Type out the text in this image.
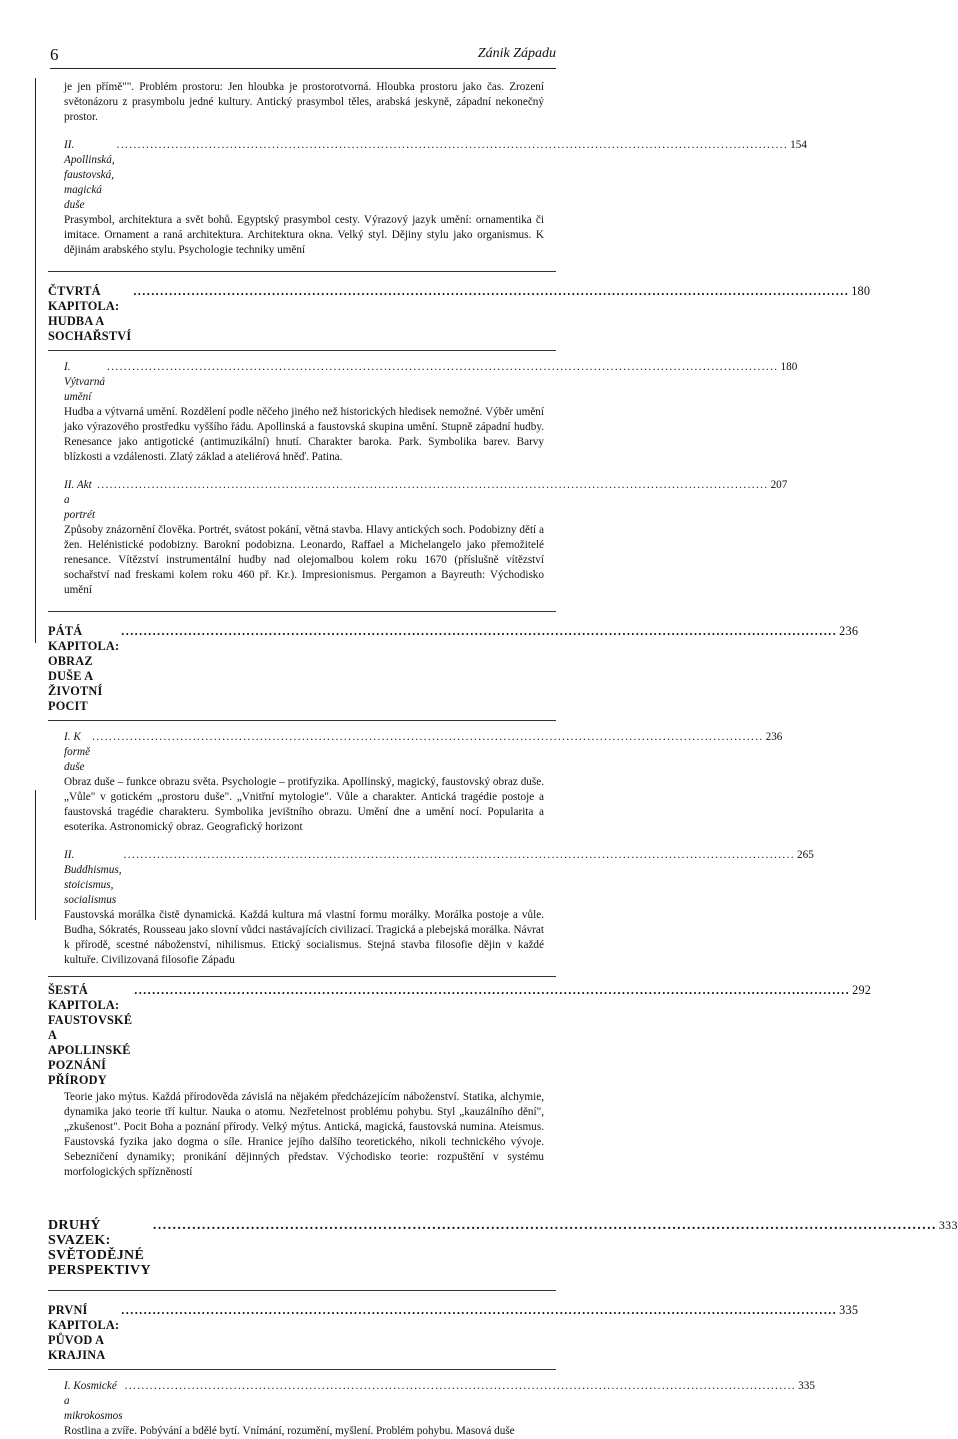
6	Zánik Západu
je jen přímě"". Problém prostoru: Jen hloubka je prostorotvorná. Hloubka prostoru jako čas. Zrození světonázoru z prasymbolu jedné kultury. Antický prasymbol těles, arabská jeskyně, západní nekonečný prostor.
II. Apollinská, faustovská, magická duše
................................................................................................................................................................ 154
Prasymbol, architektura a svět bohů. Egyptský prasymbol cesty. Výrazový jazyk umění: ornamentika či imitace. Ornament a raná architektura. Architektura okna. Velký styl. Dějiny stylu jako organismus. K dějinám arabského stylu. Psychologie techniky umění
ČTVRTÁ KAPITOLA: HUDBA A SOCHAŘSTVÍ
................................................................................................................................................................ 180
I. Výtvarná umění
................................................................................................................................................................ 180
Hudba a výtvarná umění. Rozdělení podle něčeho jiného než historických hledisek nemožné. Výběr umění jako výrazového prostředku vyššího řádu. Apollinská a faustovská skupina umění. Stupně západní hudby. Renesance jako antigotické (antimuzikální) hnutí. Charakter baroka. Park. Symbolika barev. Barvy blízkosti a vzdálenosti. Zlatý základ a ateliérová hněď. Patina.
II. Akt a portrét
................................................................................................................................................................ 207
Způsoby znázornění člověka. Portrét, svátost pokání, větná stavba. Hlavy antických soch. Podobizny dětí a žen. Helénistické podobizny. Barokní podobizna. Leonardo, Raffael a Michelangelo jako přemožitelé renesance. Vítězství instrumentální hudby nad olejomalbou kolem roku 1670 (příslušně vítězství sochařství nad freskami kolem roku 460 př. Kr.). Impresionismus. Pergamon a Bayreuth: Východisko umění
PÁTÁ KAPITOLA: OBRAZ DUŠE A ŽIVOTNÍ POCIT
................................................................................................................................................................ 236
I. K formě duše
................................................................................................................................................................ 236
Obraz duše – funkce obrazu světa. Psychologie – protifyzika. Apollinský, magický, faustovský obraz duše. „Vůle" v gotickém „prostoru duše". „Vnitřní mytologie". Vůle a charakter. Antická tragédie postoje a faustovská tragédie charakteru. Symbolika jevištního obrazu. Umění dne a umění nocí. Popularita a esoterika. Astronomický obraz. Geografický horizont
II. Buddhismus, stoicismus, socialismus
................................................................................................................................................................ 265
Faustovská morálka čistě dynamická. Každá kultura má vlastní formu morálky. Morálka postoje a vůle. Budha, Sókratés, Rousseau jako slovní vůdci nastávajících civilizací. Tragická a plebejská morálka. Návrat k přírodě, scestné náboženství, nihilismus. Etický socialismus. Stejná stavba filosofie dějin v každé kultuře. Civilizovaná filosofie Západu
ŠESTÁ KAPITOLA: FAUSTOVSKÉ A APOLLINSKÉ POZNÁNÍ PŘÍRODY
................................................................................................................................................................ 292
Teorie jako mýtus. Každá přírodověda závislá na nějakém předcházejícím náboženství. Statika, alchymie, dynamika jako teorie tří kultur. Nauka o atomu. Nezřetelnost problému pohybu. Styl „kauzálního dění", „zkušenost". Pocit Boha a poznání přírody. Velký mýtus. Antická, magická, faustovská numina. Ateismus. Faustovská fyzika jako dogma o síle. Hranice jejího dalšího teoretického, nikoli technického vývoje. Sebezničení dynamiky; pronikání dějinných představ. Východisko teorie: rozpuštění v systému morfologických spřízněností
DRUHÝ SVAZEK: SVĚTODĚJNÉ PERSPEKTIVY
................................................................................................................................................................ 333
PRVNÍ KAPITOLA: PŮVOD A KRAJINA
................................................................................................................................................................ 335
I. Kosmické a mikrokosmos
................................................................................................................................................................ 335
Rostlina a zvíře. Pobývání a bdělé bytí. Vnímání, rozumění, myšlení. Problém pohybu. Masová duše
